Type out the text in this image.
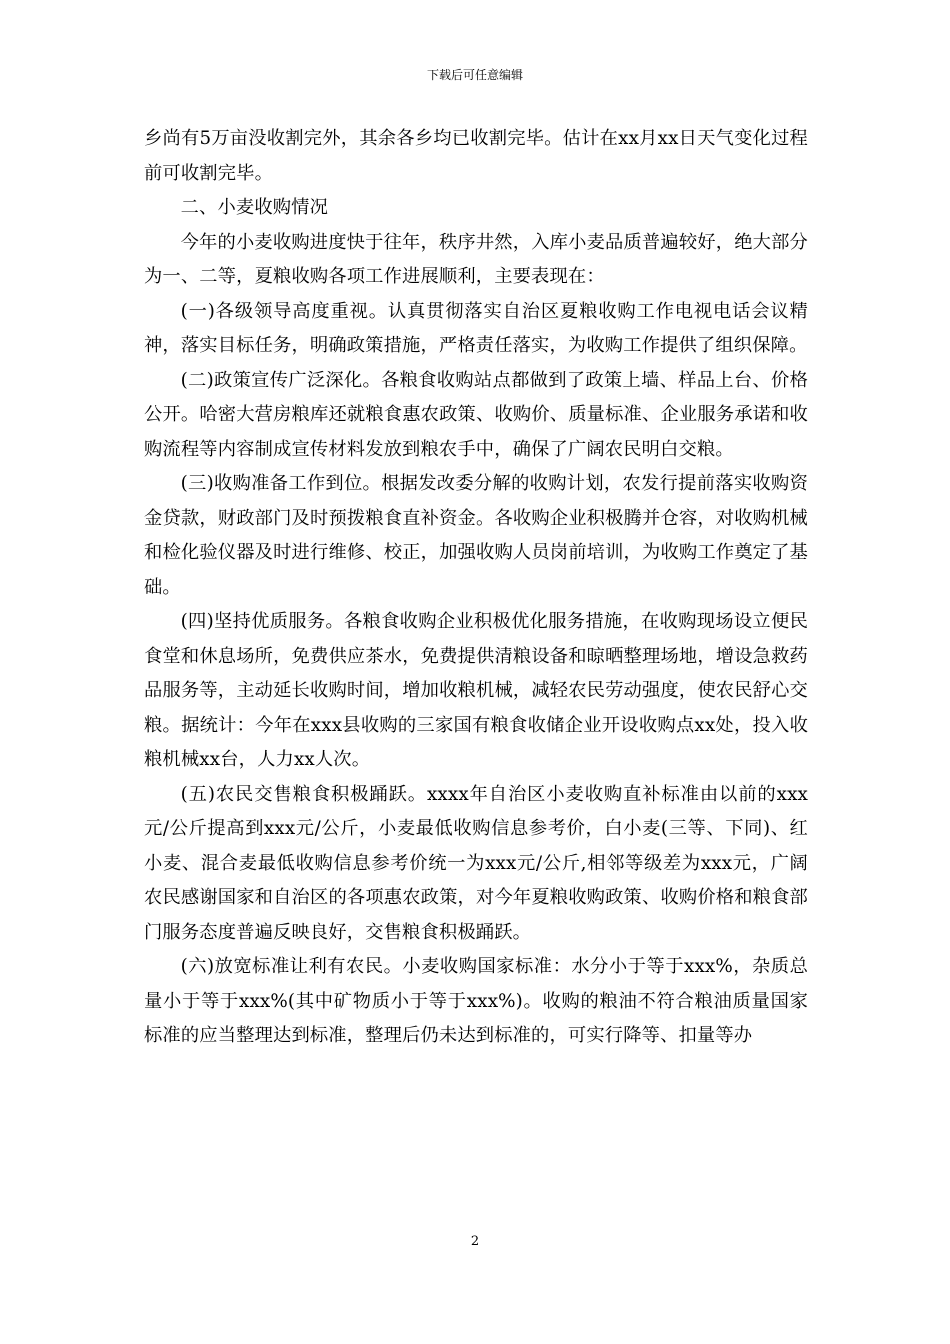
下载后可任意编辑

乡尚有5万亩没收割完外，其余各乡均已收割完毕。估计在xx月xx日天气变化过程前可收割完毕。

二、小麦收购情况

今年的小麦收购进度快于往年，秩序井然，入库小麦品质普遍较好，绝大部分为一、二等，夏粮收购各项工作进展顺利，主要表现在：

(一)各级领导高度重视。认真贯彻落实自治区夏粮收购工作电视电话会议精神，落实目标任务，明确政策措施，严格责任落实，为收购工作提供了组织保障。

(二)政策宣传广泛深化。各粮食收购站点都做到了政策上墙、样品上台、价格公开。哈密大营房粮库还就粮食惠农政策、收购价、质量标准、企业服务承诺和收购流程等内容制成宣传材料发放到粮农手中，确保了广阔农民明白交粮。

(三)收购准备工作到位。根据发改委分解的收购计划，农发行提前落实收购资金贷款，财政部门及时预拨粮食直补资金。各收购企业积极腾并仓容，对收购机械和检化验仪器及时进行维修、校正，加强收购人员岗前培训，为收购工作奠定了基础。

(四)坚持优质服务。各粮食收购企业积极优化服务措施，在收购现场设立便民食堂和休息场所，免费供应茶水，免费提供清粮设备和晾晒整理场地，增设急救药品服务等，主动延长收购时间，增加收粮机械，减轻农民劳动强度，使农民舒心交粮。据统计：今年在xxx县收购的三家国有粮食收储企业开设收购点xx处，投入收粮机械xx台，人力xx人次。

(五)农民交售粮食积极踊跃。xxxx年自治区小麦收购直补标准由以前的xxx元/公斤提高到xxx元/公斤，小麦最低收购信息参考价，白小麦(三等、下同)、红小麦、混合麦最低收购信息参考价统一为xxx元/公斤,相邻等级差为xxx元，广阔农民感谢国家和自治区的各项惠农政策，对今年夏粮收购政策、收购价格和粮食部门服务态度普遍反映良好，交售粮食积极踊跃。

(六)放宽标准让利有农民。小麦收购国家标准：水分小于等于xxx%，杂质总量小于等于xxx%(其中矿物质小于等于xxx%)。收购的粮油不符合粮油质量国家标准的应当整理达到标准，整理后仍未达到标准的，可实行降等、扣量等办

2
